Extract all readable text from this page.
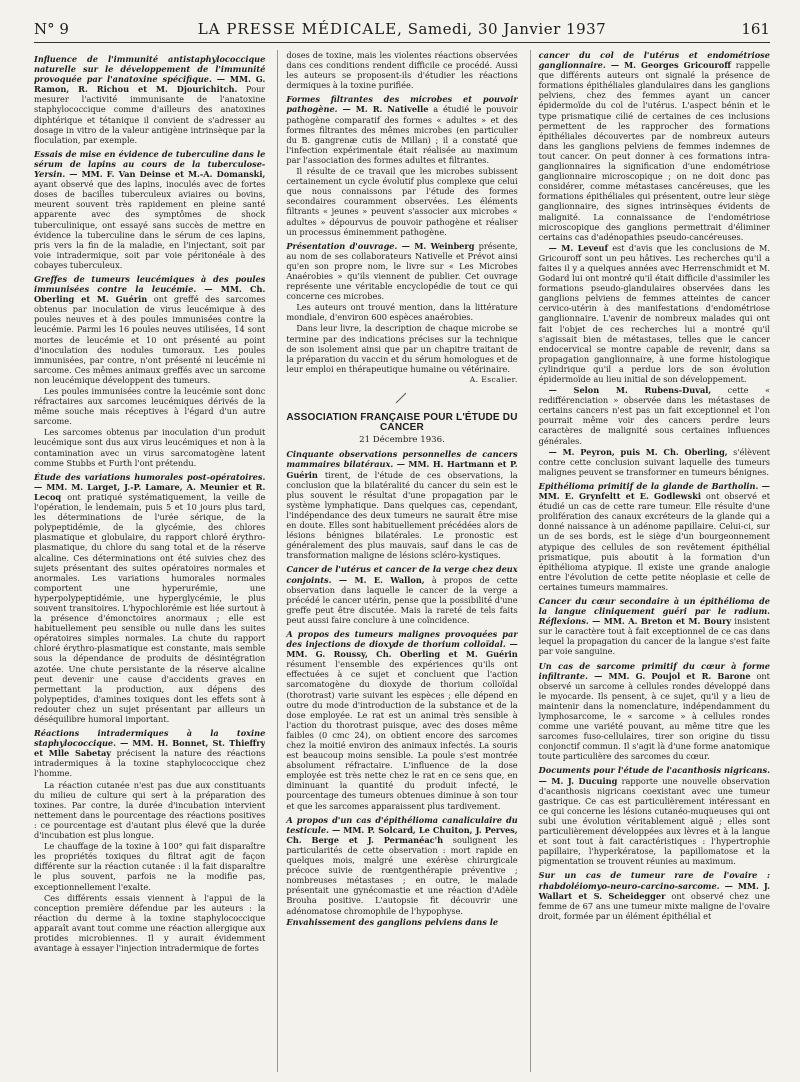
N° 9	LA PRESSE MÉDICALE, Samedi, 30 Janvier 1937	161

Influence de l'immunité antistaphylococcique naturelle sur le développement de l'immunité provoquée par l'anatoxine spécifique. — MM. G. Ramon, R. Richou et M. Djourichitch. Pour mesurer l'activité immunisante de l'anatoxine staphylococcique comme d'ailleurs des anatoxines diphtérique et tétanique il convient de s'adresser au dosage in vitro de la valeur antigène intrinsèque par la floculation, par exemple.

Essais de mise en évidence de tuberculine dans le sérum de lapins au cours de la tuberculose-Yersin. — MM. F. Van Deinse et M.-A. Domanski, ayant observé que des lapins, inoculés avec de fortes doses de bacilles tuberculeux aviaires ou bovins, meurent souvent très rapidement en pleine santé apparente avec des symptômes de shock tuberculinique, ont essayé sans succès de mettre en évidence la tuberculine dans le sérum de ces lapins, pris vers la fin de la maladie, en l'injectant, soit par voie intradermique, soit par voie péritonéale à des cobayes tuberculeux.

Greffes de tumeurs leucémiques à des poules immunisées contre la leucémie. — MM. Ch. Oberling et M. Guérin ont greffé des sarcomes obtenus par inoculation de virus leucémique à des poules neuves et à des poules immunisées contre la leucémie. Parmi les 16 poules neuves utilisées, 14 sont mortes de leucémie et 10 ont présenté au point d'inoculation des nodules tumoraux. Les poules immunisées, par contre, n'ont présenté ni leucémie ni sarcome. Ces mêmes animaux greffés avec un sarcome non leucémique développent des tumeurs.

Les poules immunisées contre la leucémie sont donc réfractaires aux sarcomes leucémiques dérivés de la même souche mais réceptives à l'égard d'un autre sarcome.

Les sarcomes obtenus par inoculation d'un produit leucémique sont dus aux virus leucémiques et non à la contamination avec un virus sarcomatogène latent comme Stubbs et Furth l'ont prétendu.

Étude des variations humorales post-opératoires. — MM. M. Larget, J.-P. Lamare, A. Meunier et R. Lecoq ont pratiqué systématiquement, la veille de l'opération, le lendemain, puis 5 et 10 jours plus tard, les déterminations de l'urée sérique, de la polypeptidémie, de la glycémie, des chlores plasmatique et globulaire, du rapport chloré érythro-plasmatique, du chlore du sang total et de la réserve alcaline. Ces déterminations ont été suivies chez des sujets présentant des suites opératoires normales et anormales. Les variations humorales normales comportent une hyperurémie, une hyperpolypeptidémie, une hyperglycémie, le plus souvent transitoires. L'hypochlorémie est liée surtout à la présence d'émonctoires anormaux ; elle est habituellement peu sensible ou nulle dans les suites opératoires simples normales. La chute du rapport chloré érythro-plasmatique est constante, mais semble sous la dépendance de produits de désintégration azotée. Une chute persistante de la réserve alcaline peut devenir une cause d'accidents graves en permettant la production, aux dépens des polypeptides, d'amines toxiques dont les effets sont à redouter chez un sujet présentant par ailleurs un déséquilibre humoral important.

Réactions intradermiques à la toxine staphylococcique. — MM. H. Bonnet, St. Thieffry et Mlle Sabetay précisent la nature des réactions intradermiques à la toxine staphylococcique chez l'homme.

La réaction cutanée n'est pas due aux constituants du milieu de culture qui sert à la préparation des toxines. Par contre, la durée d'incubation intervient nettement dans le pourcentage des réactions positives : ce pourcentage est d'autant plus élevé que la durée d'incubation est plus longue.

Le chauffage de la toxine à 100° qui fait disparaître les propriétés toxiques du filtrat agit de façon différente sur la réaction cutanée : il la fait disparaître le plus souvent, parfois ne la modifie pas, exceptionnellement l'exalte.

Ces différents essais viennent à l'appui de la conception première défendue par les auteurs : la réaction du derme à la toxine staphylococcique apparaît avant tout comme une réaction allergique aux protides microbiennes. Il y aurait évidemment avantage à essayer l'injection intradermique de fortes

doses de toxine, mais les violentes réactions observées dans ces conditions rendent difficile ce procédé. Aussi les auteurs se proposent-ils d'étudier les réactions dermiques à la toxine purifiée.

Formes filtrantes des microbes et pouvoir pathogène. — M. R. Nativelle a étudié le pouvoir pathogène comparatif des formes « adultes » et des formes filtrantes des mêmes microbes (en particulier du B. gangrenæ cutis de Millan) ; il a constaté que l'infection expérimentale était réalisée au maximum par l'association des formes adultes et filtrantes.

Il résulte de ce travail que les microbes subissent certainement un cycle évolutif plus complexe que celui que nous connaissons par l'étude des formes secondaires couramment observées. Les éléments filtrants « jeunes » peuvent s'associer aux microbes « adultes » dépourvus de pouvoir pathogène et réaliser un processus éminemment pathogène.

Présentation d'ouvrage. — M. Weinberg présente, au nom de ses collaborateurs Nativelle et Prévot ainsi qu'en son propre nom, le livre sur « Les Microbes Anaérobies » qu'ils viennent de publier. Cet ouvrage représente une véritable encyclopédie de tout ce qui concerne ces microbes.

Les auteurs ont trouvé mention, dans la littérature mondiale, d'environ 600 espèces anaérobies.

Dans leur livre, la description de chaque microbe se termine par des indications précises sur la technique de son isolement ainsi que par un chapitre traitant de la préparation du vaccin et du sérum homologues et de leur emploi en thérapeutique humaine ou vétérinaire.

A. Escalier.
ASSOCIATION FRANÇAISE POUR L'ÉTUDE DU CANCER
21 Décembre 1936.

Cinquante observations personnelles de cancers mammaires bilatéraux. — MM. H. Hartmann et P. Guérin tirent, de l'étude de ces observations, la conclusion que la bilatéralité du cancer du sein est le plus souvent le résultat d'une propagation par le système lymphatique. Dans quelques cas, cependant, l'indépendance des deux tumeurs ne saurait être mise en doute. Elles sont habituellement précédées alors de lésions bénignes bilatérales. Le pronostic est généralement des plus mauvais, sauf dans le cas de transformation maligne de lésions scléro-kystiques.

Cancer de l'utérus et cancer de la verge chez deux conjoints. — M. E. Wallon, à propos de cette observation dans laquelle le cancer de la verge a précédé le cancer utérin, pense que la possibilité d'une greffe peut être discutée. Mais la rareté de tels faits peut aussi faire conclure à une coïncidence.

A propos des tumeurs malignes provoquées par des injections de dioxyde de thorium colloïdal. — MM. G. Roussy, Ch. Oberling et M. Guérin résument l'ensemble des expériences qu'ils ont effectuées à ce sujet et concluent que l'action sarcomatogène du dioxyde de thorium colloïdal (thorotrast) varie suivant les espèces ; elle dépend en outre du mode d'introduction de la substance et de la dose employée. Le rat est un animal très sensible à l'action du thorotrast puisque, avec des doses même faibles (0 cmc 24), on obtient encore des sarcomes chez la moitié environ des animaux infectés. La souris est beaucoup moins sensible. La poule s'est montrée absolument réfractaire. L'influence de la dose employée est très nette chez le rat en ce sens que, en diminuant la quantité du produit infecté, le pourcentage des tumeurs obtenues diminue à son tour et que les sarcomes apparaissent plus tardivement.

A propos d'un cas d'épithélioma canaliculaire du testicule. — MM. P. Solcard, Le Chuiton, J. Perves, Ch. Berge et J. Permanéac'h soulignent les particularités de cette observation : mort rapide en quelques mois, malgré une exérèse chirurgicale précoce suivie de rœntgenthérapie préventive ; nombreuses métastases ; en outre, le malade présentait une gynécomastie et une réaction d'Adèle Brouha positive. L'autopsie fit découvrir une adénomatose chromophile de l'hypophyse.

Envahissement des ganglions pelviens dans le

cancer du col de l'utérus et endométriose ganglionnaire. — M. Georges Gricouroff rappelle que différents auteurs ont signalé la présence de formations épithéliales glandulaires dans les ganglions pelviens, chez des femmes ayant un cancer épidermoïde du col de l'utérus. L'aspect bénin et le type prismatique cilié de certaines de ces inclusions permettent de les rapprocher des formations épithéliales découvertes par de nombreux auteurs dans les ganglions pelviens de femmes indemnes de tout cancer. On peut donner à ces formations intra-ganglionnaires la signification d'une endométriose ganglionnaire microscopique ; on ne doit donc pas considérer, comme métastases cancéreuses, que les formations épithéliales qui présentent, outre leur siège ganglionnaire, des signes intrinsèques évidents de malignité. La connaissance de l'endométriose microscopique des ganglions permettrait d'éliminer certains cas d'adénopathies pseudo-cancéreuses.

— M. Leveuf est d'avis que les conclusions de M. Gricouroff sont un peu hâtives. Les recherches qu'il a faites il y a quelques années avec Herrenschmidt et M. Godard lui ont montré qu'il était difficile d'assimiler les formations pseudo-glandulaires observées dans les ganglions pelviens de femmes atteintes de cancer cervico-utérin à des manifestations d'endométriose ganglionnaire. L'avenir de nombreux malades qui ont fait l'objet de ces recherches lui a montré qu'il s'agissait bien de métastases, telles que le cancer endocervical se montre capable de revenir, dans sa propagation ganglionnaire, à une forme histologique cylindrique qu'il a perdue lors de son évolution épidermoïde au lieu initial de son développement.

— Selon M. Rubens-Duval, cette « redifférenciation » observée dans les métastases de certains cancers n'est pas un fait exceptionnel et l'on pourrait même voir des cancers perdre leurs caractères de malignité sous certaines influences générales.

— M. Peyron, puis M. Ch. Oberling, s'élèvent contre cette conclusion suivant laquelle des tumeurs malignes peuvent se transformer en tumeurs bénignes.

Epithélioma primitif de la glande de Bartholin. — MM. E. Grynfeltt et E. Godlewski ont observé et étudié un cas de cette rare tumeur. Elle résulte d'une prolifération des canaux excréteurs de la glande qui a donné naissance à un adénome papillaire. Celui-ci, sur un de ses bords, est le siège d'un bourgeonnement atypique des cellules de son revêtement épithélial prismatique, puis aboutit à la formation d'un épithélioma atypique. Il existe une grande analogie entre l'évolution de cette petite néoplasie et celle de certaines tumeurs mammaires.

Cancer du cœur secondaire à un épithélioma de la langue cliniquement guéri par le radium. Réflexions. — MM. A. Breton et M. Boury insistent sur le caractère tout à fait exceptionnel de ce cas dans lequel la propagation du cancer de la langue s'est faite par voie sanguine.

Un cas de sarcome primitif du cœur à forme infiltrante. — MM. G. Poujol et R. Barone ont observé un sarcome à cellules rondes développé dans le myocarde. Ils pensent, à ce sujet, qu'il y a lieu de maintenir dans la nomenclature, indépendamment du lymphosarcome, le « sarcome » à cellules rondes comme une variété pouvant, au même titre que les sarcomes fuso-cellulaires, tirer son origine du tissu conjonctif commun. Il s'agit là d'une forme anatomique toute particulière des sarcomes du cœur.

Documents pour l'étude de l'acanthosis nigricans. — M. J. Ducuing rapporte une nouvelle observation d'acanthosis nigricans coexistant avec une tumeur gastrique. Ce cas est particulièrement intéressant en ce qui concerne les lésions cutanéo-muqueuses qui ont subi une évolution véritablement aiguë ; elles sont particulièrement développées aux lèvres et à la langue et sont tout à fait caractéristiques : l'hypertrophie papillaire, l'hyperkératose, la papillomatose et la pigmentation se trouvent réunies au maximum.

Sur un cas de tumeur rare de l'ovaire : rhabdoléiomyo-neuro-carcino-sarcome. — MM. J. Wallart et S. Scheidegger ont observé chez une femme de 67 ans une tumeur mixte maligne de l'ovaire droit, formée par un élément épithélial et
